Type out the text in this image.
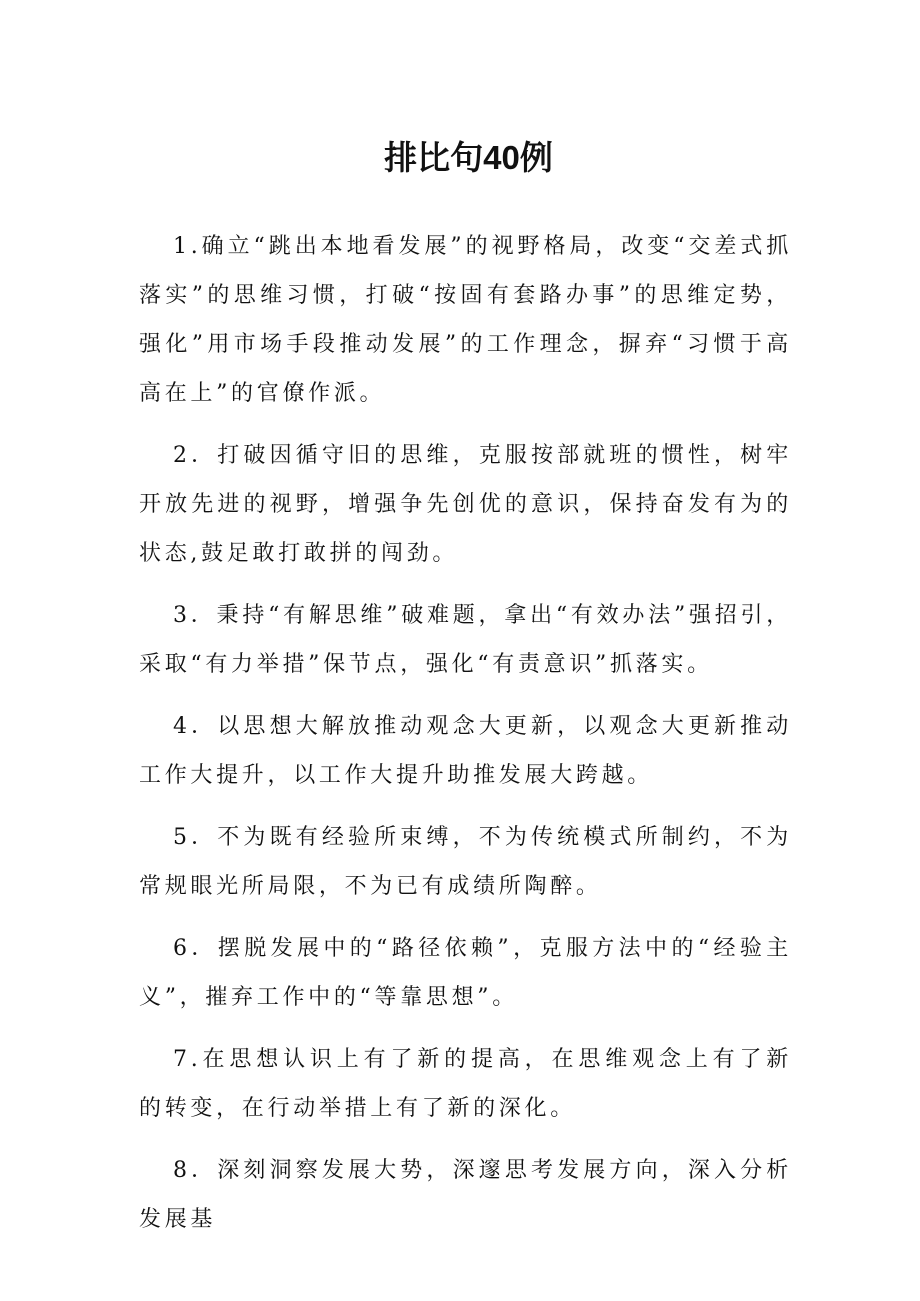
排比句40例

1.确立“跳出本地看发展”的视野格局，改变“交差式抓落实”的思维习惯，打破“按固有套路办事”的思维定势，强化”用市场手段推动发展”的工作理念，摒弃“习惯于高高在上”的官僚作派。

2．打破因循守旧的思维，克服按部就班的惯性，树牢开放先进的视野，增强争先创优的意识，保持奋发有为的状态,鼓足敢打敢拼的闯劲。

3．秉持“有解思维”破难题，拿出“有效办法”强招引，采取“有力举措”保节点，强化“有责意识”抓落实。

4．以思想大解放推动观念大更新，以观念大更新推动工作大提升，以工作大提升助推发展大跨越。

5．不为既有经验所束缚，不为传统模式所制约，不为常规眼光所局限，不为已有成绩所陶醉。

6．摆脱发展中的“路径依赖”，克服方法中的“经验主义”，摧弃工作中的“等靠思想”。

7.在思想认识上有了新的提高，在思维观念上有了新的转变，在行动举措上有了新的深化。

8．深刻洞察发展大势，深邃思考发展方向，深入分析发展基
